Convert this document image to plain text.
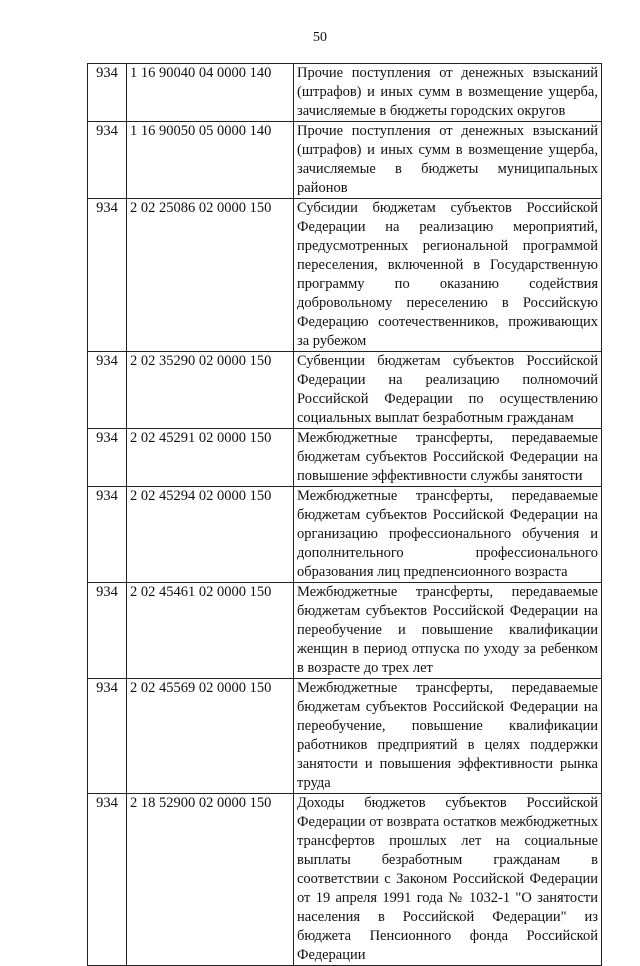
50
934	1 16 90040 04 0000 140	Прочие поступления от денежных взысканий (штрафов) и иных сумм в возмещение ущерба, зачисляемые в бюджеты городских округов
934	1 16 90050 05 0000 140	Прочие поступления от денежных взысканий (штрафов) и иных сумм в возмещение ущерба, зачисляемые в бюджеты муниципальных районов
934	2 02 25086 02 0000 150	Субсидии бюджетам субъектов Российской Федерации на реализацию мероприятий, предусмотренных региональной программой переселения, включенной в Государственную программу по оказанию содействия добровольному переселению в Российскую Федерацию соотечественников, проживающих за рубежом
934	2 02 35290 02 0000 150	Субвенции бюджетам субъектов Российской Федерации на реализацию полномочий Российской Федерации по осуществлению социальных выплат безработным гражданам
934	2 02 45291 02 0000 150	Межбюджетные трансферты, передаваемые бюджетам субъектов Российской Федерации на повышение эффективности службы занятости
934	2 02 45294 02 0000 150	Межбюджетные трансферты, передаваемые бюджетам субъектов Российской Федерации на организацию профессионального обучения и дополнительного профессионального образования лиц предпенсионного возраста
934	2 02 45461 02 0000 150	Межбюджетные трансферты, передаваемые бюджетам субъектов Российской Федерации на переобучение и повышение квалификации женщин в период отпуска по уходу за ребенком в возрасте до трех лет
934	2 02 45569 02 0000 150	Межбюджетные трансферты, передаваемые бюджетам субъектов Российской Федерации на переобучение, повышение квалификации работников предприятий в целях поддержки занятости и повышения эффективности рынка труда
934	2 18 52900 02 0000 150	Доходы бюджетов субъектов Российской Федерации от возврата остатков межбюджетных трансфертов прошлых лет на социальные выплаты безработным гражданам в соответствии с Законом Российской Федерации от 19 апреля 1991 года № 1032-1 "О занятости населения в Российской Федерации" из бюджета Пенсионного фонда Российской Федерации
